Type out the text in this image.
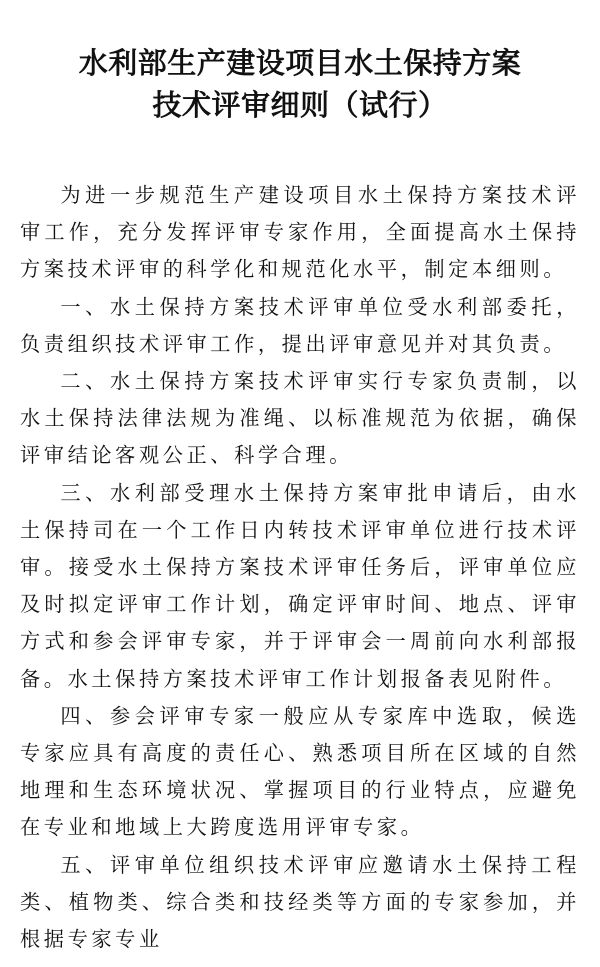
水利部生产建设项目水土保持方案
技术评审细则（试行）

为进一步规范生产建设项目水土保持方案技术评审工作，充分发挥评审专家作用，全面提高水土保持方案技术评审的科学化和规范化水平，制定本细则。

一、水土保持方案技术评审单位受水利部委托，负责组织技术评审工作，提出评审意见并对其负责。

二、水土保持方案技术评审实行专家负责制，以水土保持法律法规为准绳、以标准规范为依据，确保评审结论客观公正、科学合理。

三、水利部受理水土保持方案审批申请后，由水土保持司在一个工作日内转技术评审单位进行技术评审。接受水土保持方案技术评审任务后，评审单位应及时拟定评审工作计划，确定评审时间、地点、评审方式和参会评审专家，并于评审会一周前向水利部报备。水土保持方案技术评审工作计划报备表见附件。

四、参会评审专家一般应从专家库中选取，候选专家应具有高度的责任心、熟悉项目所在区域的自然地理和生态环境状况、掌握项目的行业特点，应避免在专业和地域上大跨度选用评审专家。

五、评审单位组织技术评审应邀请水土保持工程类、植物类、综合类和技经类等方面的专家参加，并根据专家专业
